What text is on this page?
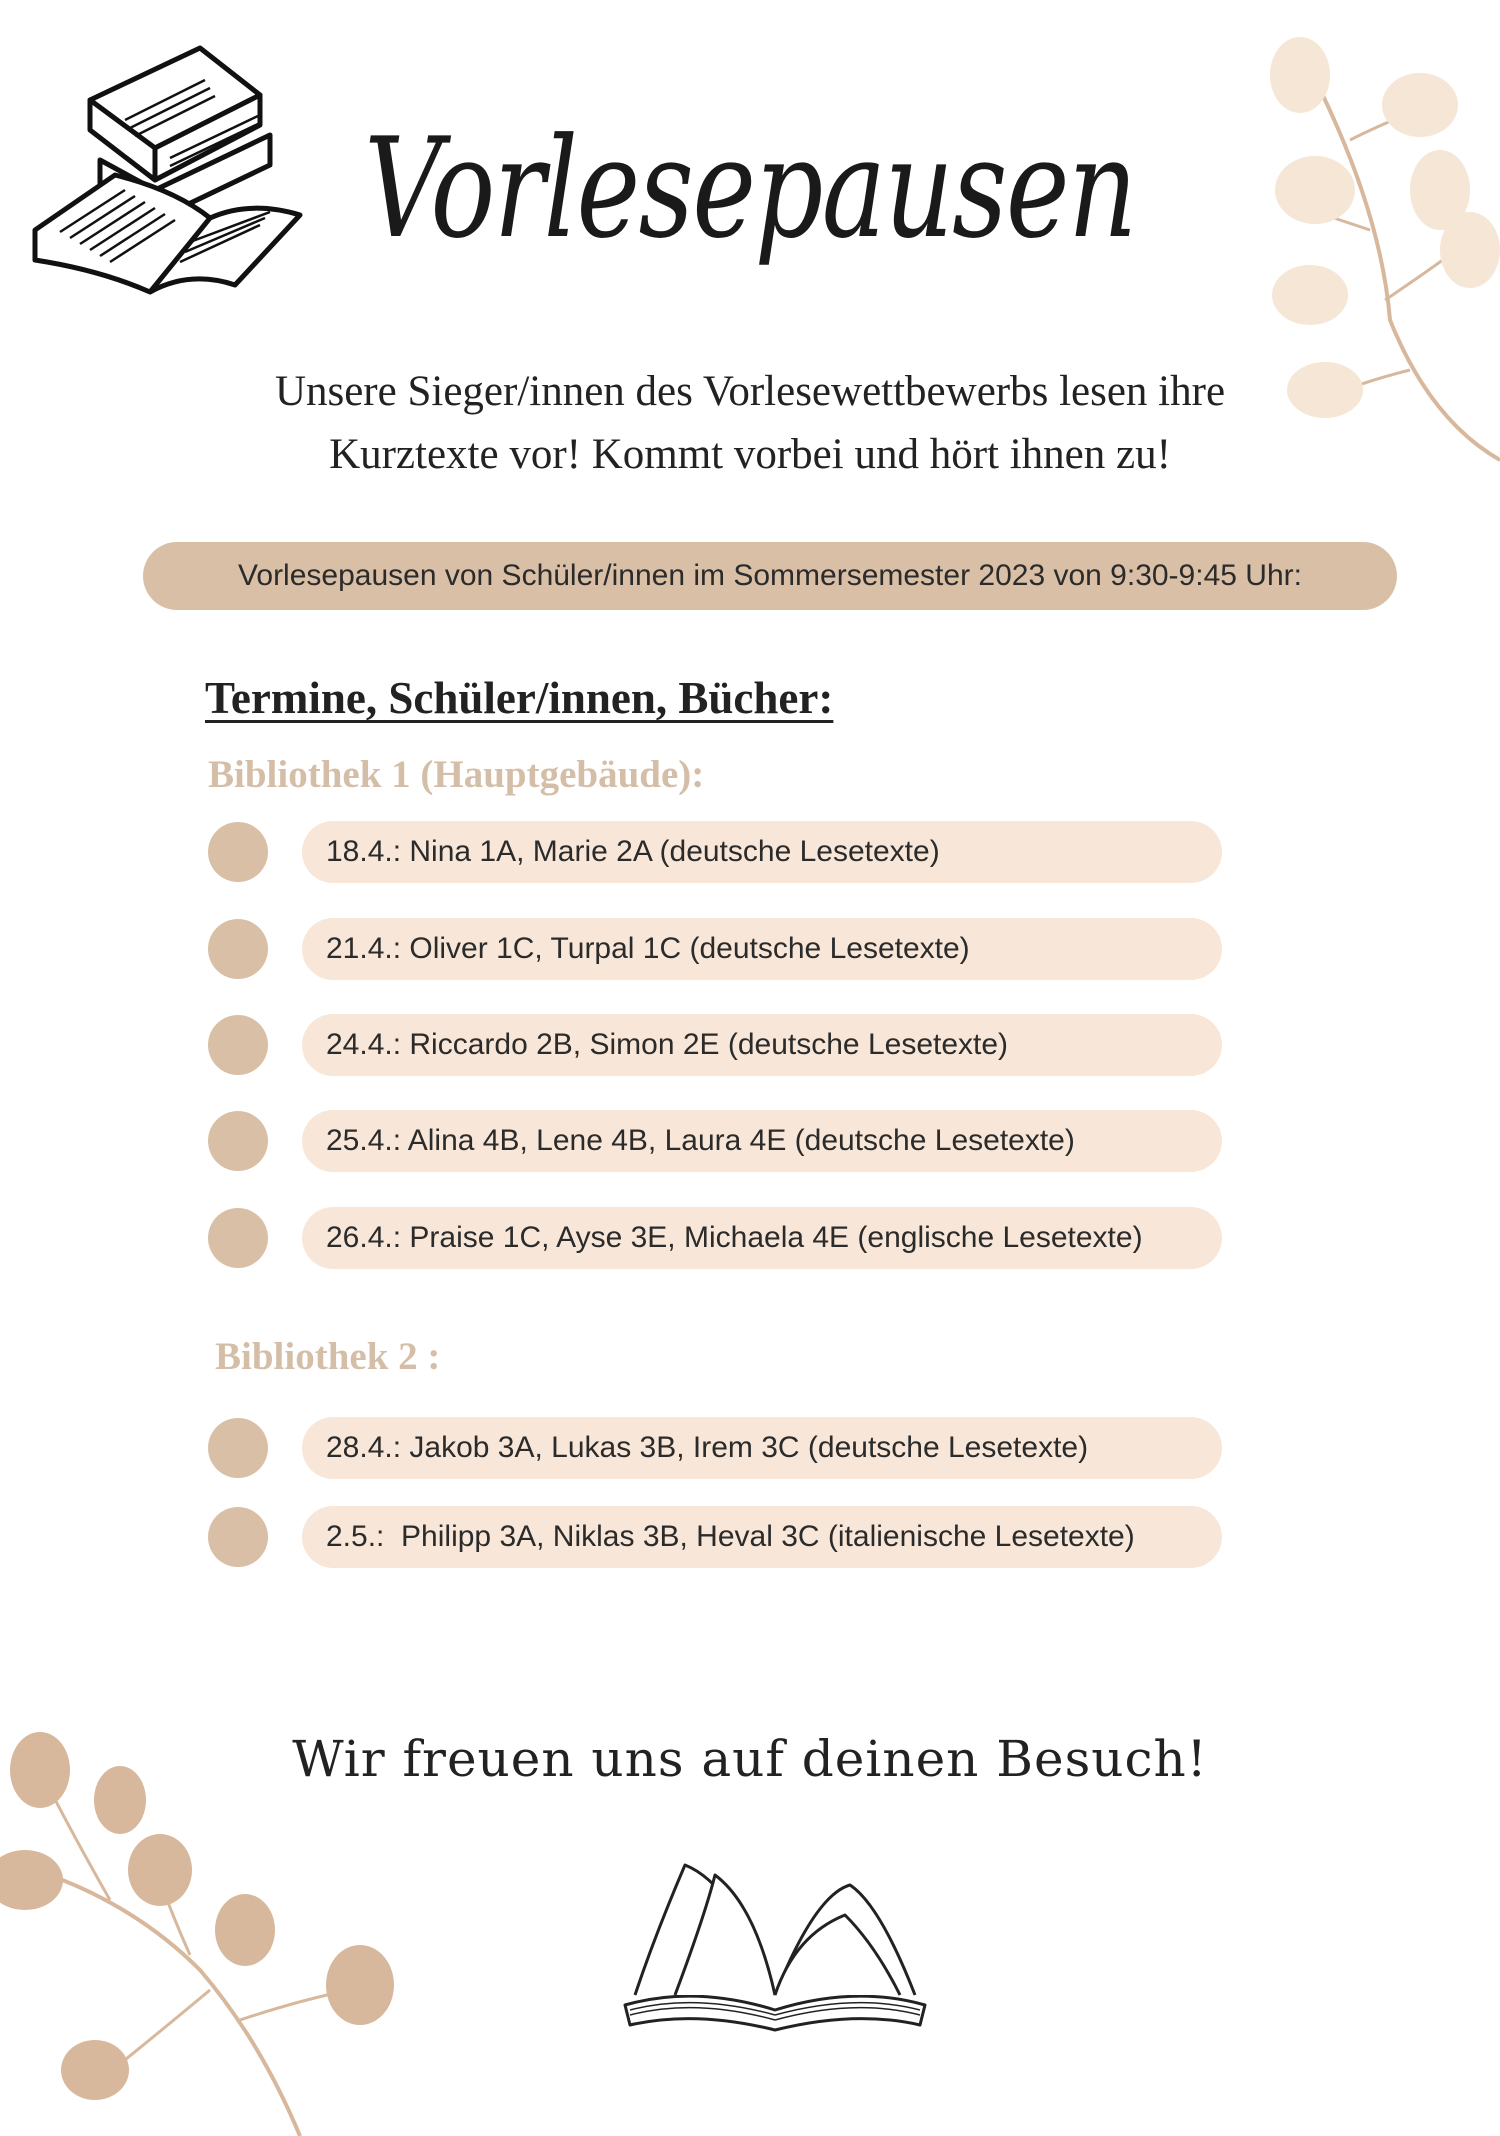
Vorlesepausen
Unsere Sieger/innen des Vorlesewettbewerbs lesen ihre
Kurztexte vor! Kommt vorbei und hört ihnen zu!
Vorlesepausen von Schüler/innen im Sommersemester 2023 von 9:30-9:45 Uhr:
Termine, Schüler/innen, Bücher:
Bibliothek 1 (Hauptgebäude):
18.4.: Nina 1A, Marie 2A (deutsche Lesetexte)
21.4.: Oliver 1C, Turpal 1C (deutsche Lesetexte)
24.4.: Riccardo 2B, Simon 2E (deutsche Lesetexte)
25.4.: Alina 4B, Lene 4B, Laura 4E (deutsche Lesetexte)
26.4.: Praise 1C, Ayse 3E, Michaela 4E (englische Lesetexte)
Bibliothek 2 :
28.4.: Jakob 3A, Lukas 3B, Irem 3C (deutsche Lesetexte)
2.5.:  Philipp 3A, Niklas 3B, Heval 3C (italienische Lesetexte)
Wir freuen uns auf deinen Besuch!
